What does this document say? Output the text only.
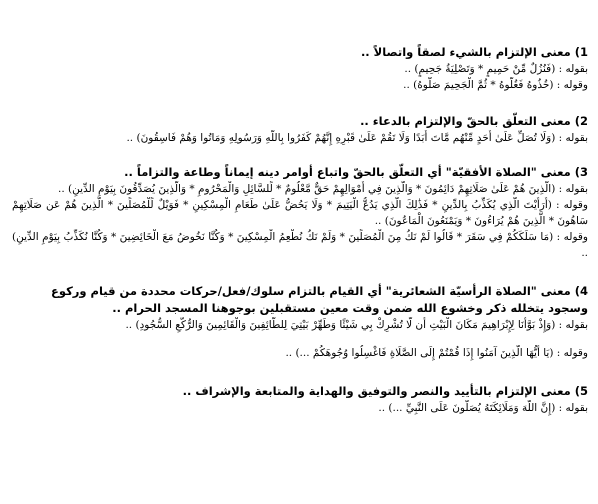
1) معنى الإلتزام بالشيء لصقاً واتصالاً ..
بقوله : (فَنُزُلٌ مِّنْ حَمِيمٍ * وَتَصْلِيَةُ جَحِيمٍ) ..
وقوله : (خُذُوهُ فَغُلُّوهُ * ثُمَّ الْجَحِيمَ صَلُّوهُ) ..
2) معنى التعلّق بالحقّ والإلتزام بالدعاء ..
بقوله : (وَلَا تُصَلِّ عَلَىٰ أَحَدٍ مِّنْهُم مَّاتَ أَبَدًا وَلَا تَقُمْ عَلَىٰ قَبْرِهِ إِنَّهُمْ كَفَرُوا بِاللَّهِ وَرَسُولِهِ وَمَاتُوا وَهُمْ فَاسِقُونَ) ..
3) معنى "الصلاة الأفقيّة" أي التعلّق بالحقّ واتباع أوامر دينه إيماناً وطاعة والتزاماً ..
بقوله : (الَّذِينَ هُمْ عَلَىٰ صَلَاتِهِمْ دَائِمُونَ * وَالَّذِينَ فِي أَمْوَالِهِمْ حَقٌّ مَّعْلُومٌ * لِّلسَّائِلِ وَالْمَحْرُومِ * وَالَّذِينَ يُصَدِّقُونَ بِيَوْمِ الدِّينِ) ..
وقوله : (أَرَأَيْتَ الَّذِي يُكَذِّبُ بِالدِّينِ * فَذَٰلِكَ الَّذِي يَدُعُّ الْيَتِيمَ * وَلَا يَحُضُّ عَلَىٰ طَعَامِ الْمِسْكِينِ * فَوَيْلٌ لِّلْمُصَلِّينَ * الَّذِينَ هُمْ عَن صَلَاتِهِمْ سَاهُونَ * الَّذِينَ هُمْ يُرَاءُونَ * وَيَمْنَعُونَ الْمَاعُونَ) ..
وقوله : (مَا سَلَكَكُمْ فِي سَقَرَ * قَالُوا لَمْ نَكُ مِنَ الْمُصَلِّينَ * وَلَمْ نَكُ نُطْعِمُ الْمِسْكِينَ * وَكُنَّا نَخُوضُ مَعَ الْخَائِضِينَ * وَكُنَّا نُكَذِّبُ بِيَوْمِ الدِّينِ) ..
4) معنى "الصلاة الرأسيّة الشعائرية" أي القيام بالتزام سلوك/فعل/حركات محددة من قيام وركوع وسجود يتخلله ذكر وخشوع الله ضمن وقت معين مستقبلين بوجوهنا المسجد الحرام ..
بقوله : (وَإِذْ بَوَّأْنَا لِإِبْرَاهِيمَ مَكَانَ الْبَيْتِ أَن لَّا تُشْرِكْ بِي شَيْئًا وَطَهِّرْ بَيْتِيَ لِلطَّائِفِينَ وَالْقَائِمِينَ وَالرُّكَّعِ السُّجُودِ) ..
وقوله : (يَا أَيُّهَا الَّذِينَ آمَنُوا إِذَا قُمْتُمْ إِلَى الصَّلَاةِ فَاغْسِلُوا وُجُوهَكُمْ ...) ..
5) معنى الإلتزام بالتأييد والنصر والتوفيق والهداية والمتابعة والإشراف ..
بقوله : (إِنَّ اللَّهَ وَمَلَائِكَتَهُ يُصَلُّونَ عَلَى النَّبِيِّ ...) ..
